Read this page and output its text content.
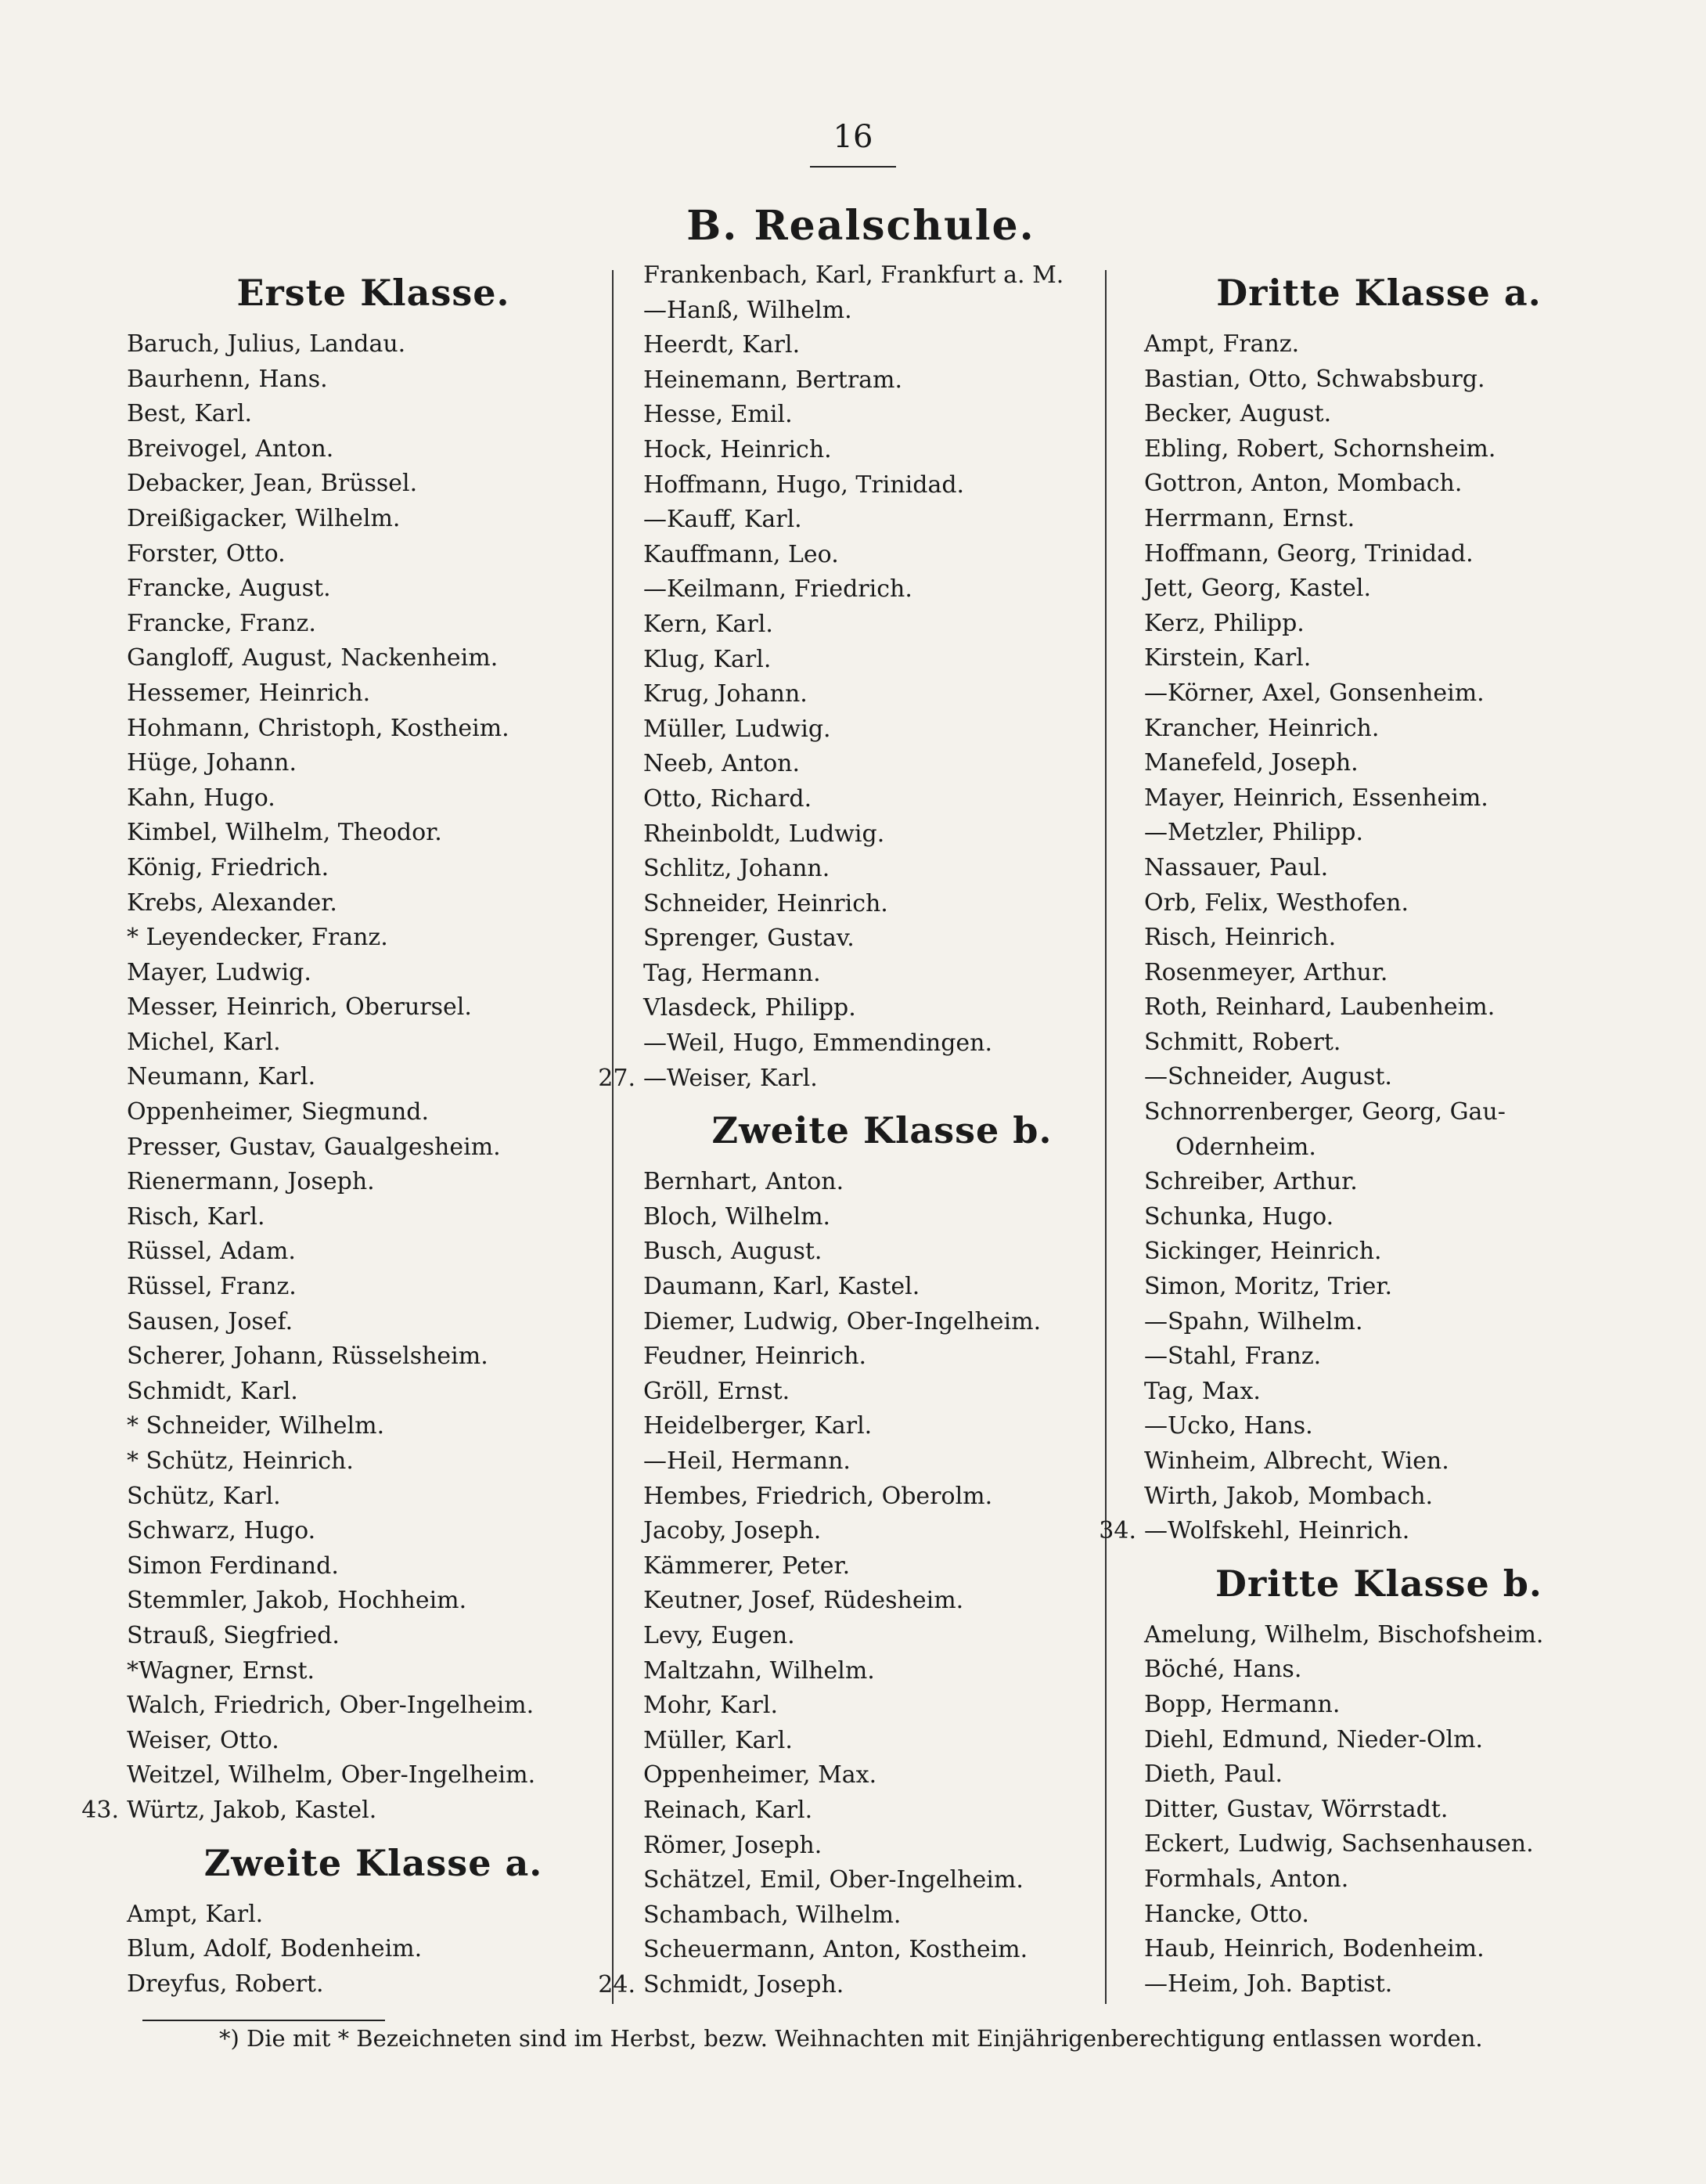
16
B. Realschule.
Erste Klasse.
Baruch, Julius, Landau.
Baurhenn, Hans.
Best, Karl.
Breivogel, Anton.
Debacker, Jean, Brüssel.
Dreißigacker, Wilhelm.
Forster, Otto.
Francke, August.
Francke, Franz.
Gangloff, August, Nackenheim.
Hessemer, Heinrich.
Hohmann, Christoph, Kostheim.
Hüge, Johann.
Kahn, Hugo.
Kimbel, Wilhelm, Theodor.
König, Friedrich.
Krebs, Alexander.
* Leyendecker, Franz.
Mayer, Ludwig.
Messer, Heinrich, Oberursel.
Michel, Karl.
Neumann, Karl.
Oppenheimer, Siegmund.
Presser, Gustav, Gaualgesheim.
Rienermann, Joseph.
Risch, Karl.
Rüssel, Adam.
Rüssel, Franz.
Sausen, Josef.
Scherer, Johann, Rüsselsheim.
Schmidt, Karl.
* Schneider, Wilhelm.
* Schütz, Heinrich.
Schütz, Karl.
Schwarz, Hugo.
Simon Ferdinand.
Stemmler, Jakob, Hochheim.
Strauß, Siegfried.
*Wagner, Ernst.
Walch, Friedrich, Ober-Ingelheim.
Weiser, Otto.
Weitzel, Wilhelm, Ober-Ingelheim.
43. Würtz, Jakob, Kastel.
Zweite Klasse a.
Ampt, Karl.
Blum, Adolf, Bodenheim.
Dreyfus, Robert.
Frankenbach, Karl, Frankfurt a. M.
—Hanß, Wilhelm.
Heerdt, Karl.
Heinemann, Bertram.
Hesse, Emil.
Hock, Heinrich.
Hoffmann, Hugo, Trinidad.
—Kauff, Karl.
Kauffmann, Leo.
—Keilmann, Friedrich.
Kern, Karl.
Klug, Karl.
Krug, Johann.
Müller, Ludwig.
Neeb, Anton.
Otto, Richard.
Rheinboldt, Ludwig.
Schlitz, Johann.
Schneider, Heinrich.
Sprenger, Gustav.
Tag, Hermann.
Vlasdeck, Philipp.
—Weil, Hugo, Emmendingen.
27. —Weiser, Karl.
Zweite Klasse b.
Bernhart, Anton.
Bloch, Wilhelm.
Busch, August.
Daumann, Karl, Kastel.
Diemer, Ludwig, Ober-Ingelheim.
Feudner, Heinrich.
Gröll, Ernst.
Heidelberger, Karl.
—Heil, Hermann.
Hembes, Friedrich, Oberolm.
Jacoby, Joseph.
Kämmerer, Peter.
Keutner, Josef, Rüdesheim.
Levy, Eugen.
Maltzahn, Wilhelm.
Mohr, Karl.
Müller, Karl.
Oppenheimer, Max.
Reinach, Karl.
Römer, Joseph.
Schätzel, Emil, Ober-Ingelheim.
Schambach, Wilhelm.
Scheuermann, Anton, Kostheim.
24. Schmidt, Joseph.
Dritte Klasse a.
Ampt, Franz.
Bastian, Otto, Schwabsburg.
Becker, August.
Ebling, Robert, Schornsheim.
Gottron, Anton, Mombach.
Herrmann, Ernst.
Hoffmann, Georg, Trinidad.
Jett, Georg, Kastel.
Kerz, Philipp.
Kirstein, Karl.
—Körner, Axel, Gonsenheim.
Krancher, Heinrich.
Manefeld, Joseph.
Mayer, Heinrich, Essenheim.
—Metzler, Philipp.
Nassauer, Paul.
Orb, Felix, Westhofen.
Risch, Heinrich.
Rosenmeyer, Arthur.
Roth, Reinhard, Laubenheim.
Schmitt, Robert.
—Schneider, August.
Schnorrenberger, Georg, Gau-
Odernheim.
Schreiber, Arthur.
Schunka, Hugo.
Sickinger, Heinrich.
Simon, Moritz, Trier.
—Spahn, Wilhelm.
—Stahl, Franz.
Tag, Max.
—Ucko, Hans.
Winheim, Albrecht, Wien.
Wirth, Jakob, Mombach.
34. —Wolfskehl, Heinrich.
Dritte Klasse b.
Amelung, Wilhelm, Bischofsheim.
Böché, Hans.
Bopp, Hermann.
Diehl, Edmund, Nieder-Olm.
Dieth, Paul.
Ditter, Gustav, Wörrstadt.
Eckert, Ludwig, Sachsenhausen.
Formhals, Anton.
Hancke, Otto.
Haub, Heinrich, Bodenheim.
—Heim, Joh. Baptist.
*) Die mit * Bezeichneten sind im Herbst, bezw. Weihnachten mit Einjährigenberechtigung entlassen worden.
